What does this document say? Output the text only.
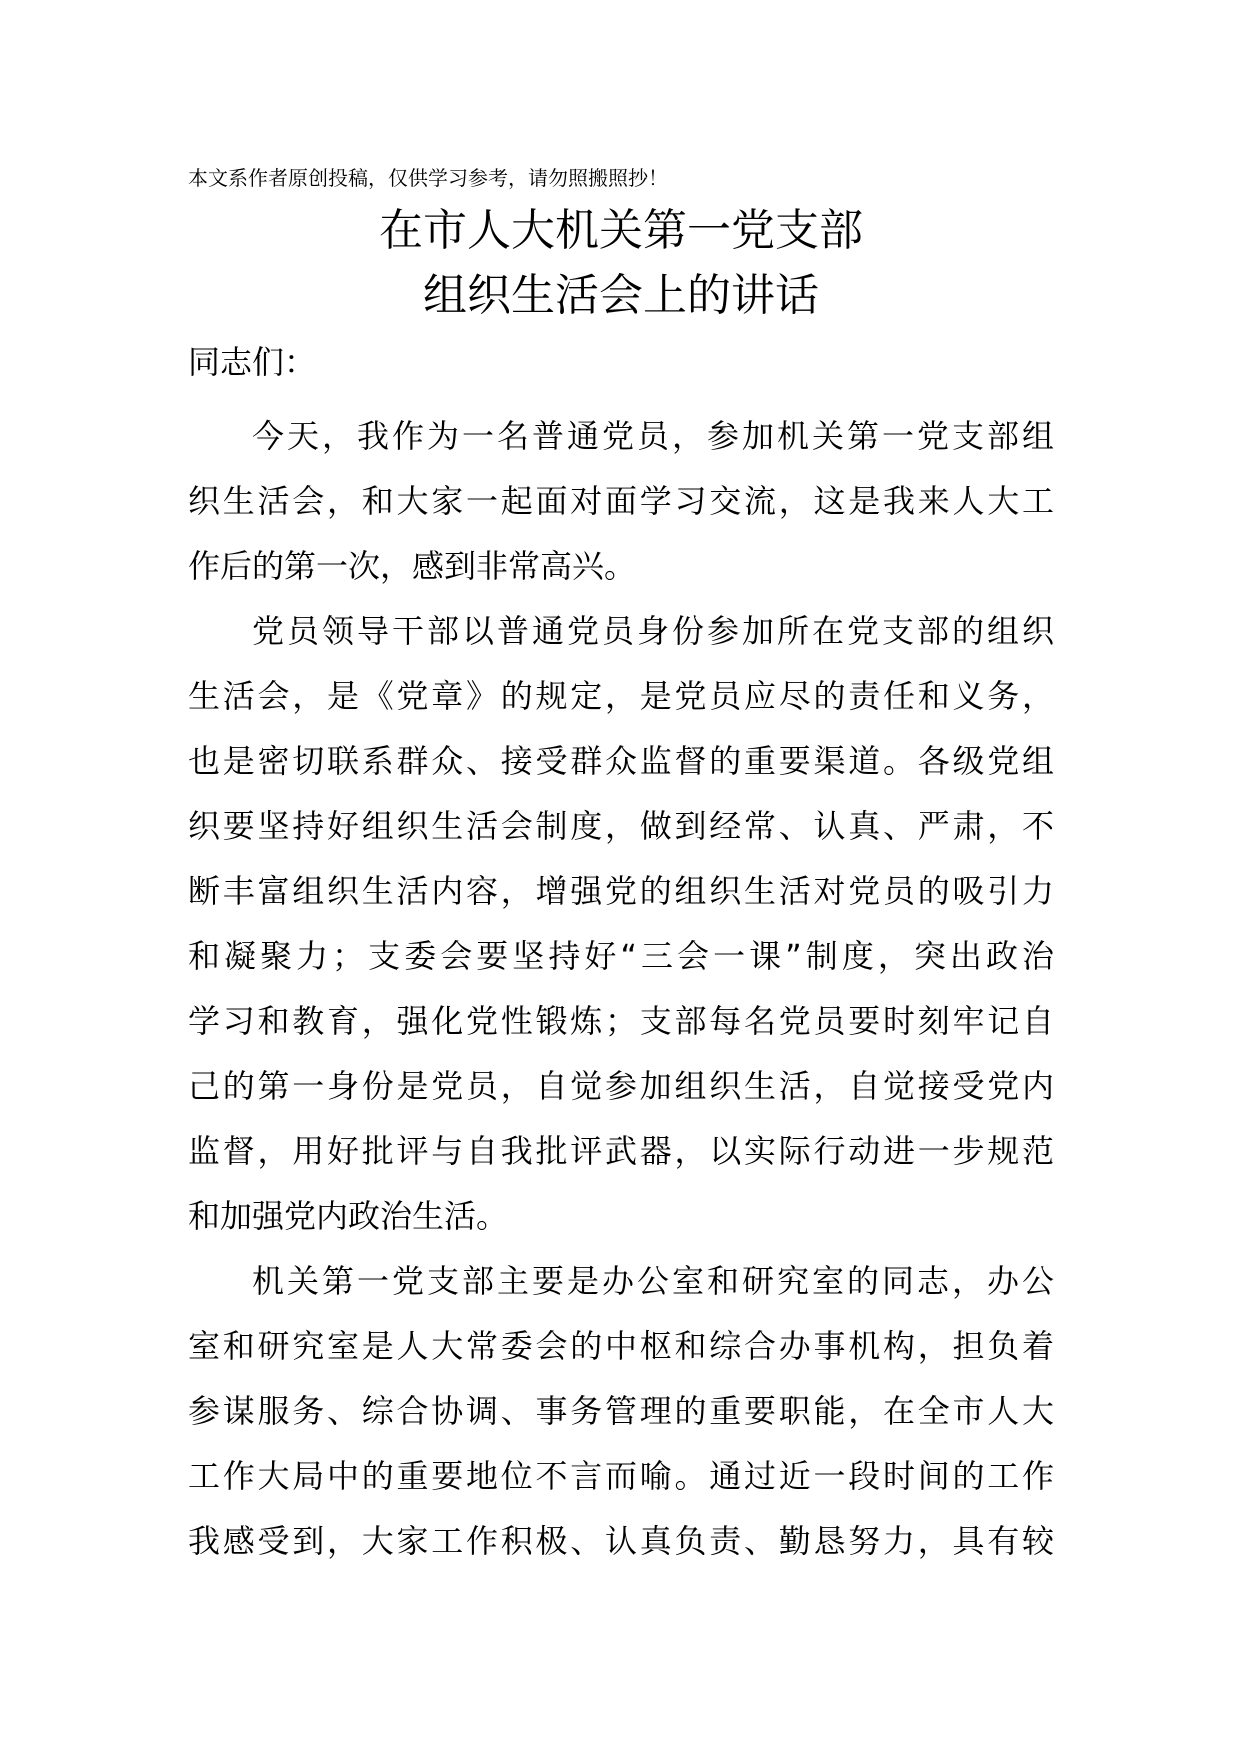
本文系作者原创投稿，仅供学习参考，请勿照搬照抄！
在市人大机关第一党支部
组织生活会上的讲话
同志们：
今天，我作为一名普通党员，参加机关第一党支部组
织生活会，和大家一起面对面学习交流，这是我来人大工
作后的第一次，感到非常高兴。
党员领导干部以普通党员身份参加所在党支部的组织
生活会，是《党章》的规定，是党员应尽的责任和义务，
也是密切联系群众、接受群众监督的重要渠道。各级党组
织要坚持好组织生活会制度，做到经常、认真、严肃，不
断丰富组织生活内容，增强党的组织生活对党员的吸引力
和凝聚力；支委会要坚持好“三会一课”制度，突出政治
学习和教育，强化党性锻炼；支部每名党员要时刻牢记自
己的第一身份是党员，自觉参加组织生活，自觉接受党内
监督，用好批评与自我批评武器，以实际行动进一步规范
和加强党内政治生活。
机关第一党支部主要是办公室和研究室的同志，办公
室和研究室是人大常委会的中枢和综合办事机构，担负着
参谋服务、综合协调、事务管理的重要职能，在全市人大
工作大局中的重要地位不言而喻。通过近一段时间的工作
我感受到，大家工作积极、认真负责、勤恳努力，具有较
